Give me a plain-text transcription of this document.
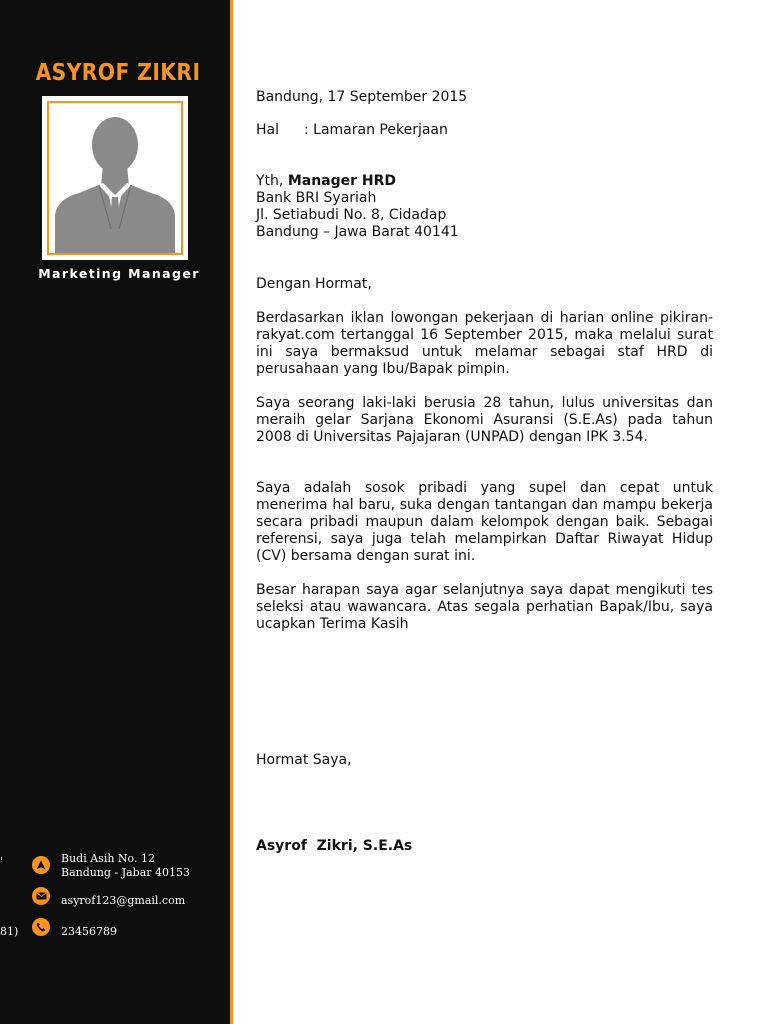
ASYROF ZIKRI
Marketing Manager
'	Budi Asih No. 12
Bandung - Jabar 40153
asyrof123@gmail.com
81)	23456789
Bandung, 17 September 2015
Hal : Lamaran Pekerjaan

Yth, Manager HRD

Bank BRI Syariah

Jl. Setiabudi No. 8, Cidadap

Bandung – Jawa Barat 40141

Dengan Hormat,
Berdasarkan iklan lowongan pekerjaan di harian online pikiran-rakyat.com tertanggal 16 September 2015, maka melalui surat ini saya bermaksud untuk melamar sebagai staf HRD di perusahaan yang Ibu/Bapak pimpin.
Saya seorang laki-laki berusia 28 tahun, lulus universitas dan meraih gelar Sarjana Ekonomi Asuransi (S.E.As) pada tahun 2008 di Universitas Pajajaran (UNPAD) dengan IPK 3.54.
Saya adalah sosok pribadi yang supel dan cepat untuk menerima hal baru, suka dengan tantangan dan mampu bekerja secara pribadi maupun dalam kelompok dengan baik. Sebagai referensi, saya juga telah melampirkan Daftar Riwayat Hidup (CV) bersama dengan surat ini.
Besar harapan saya agar selanjutnya saya dapat mengikuti tes seleksi atau wawancara. Atas segala perhatian Bapak/Ibu, saya ucapkan Terima Kasih
Hormat Saya,
Asyrof  Zikri, S.E.As
